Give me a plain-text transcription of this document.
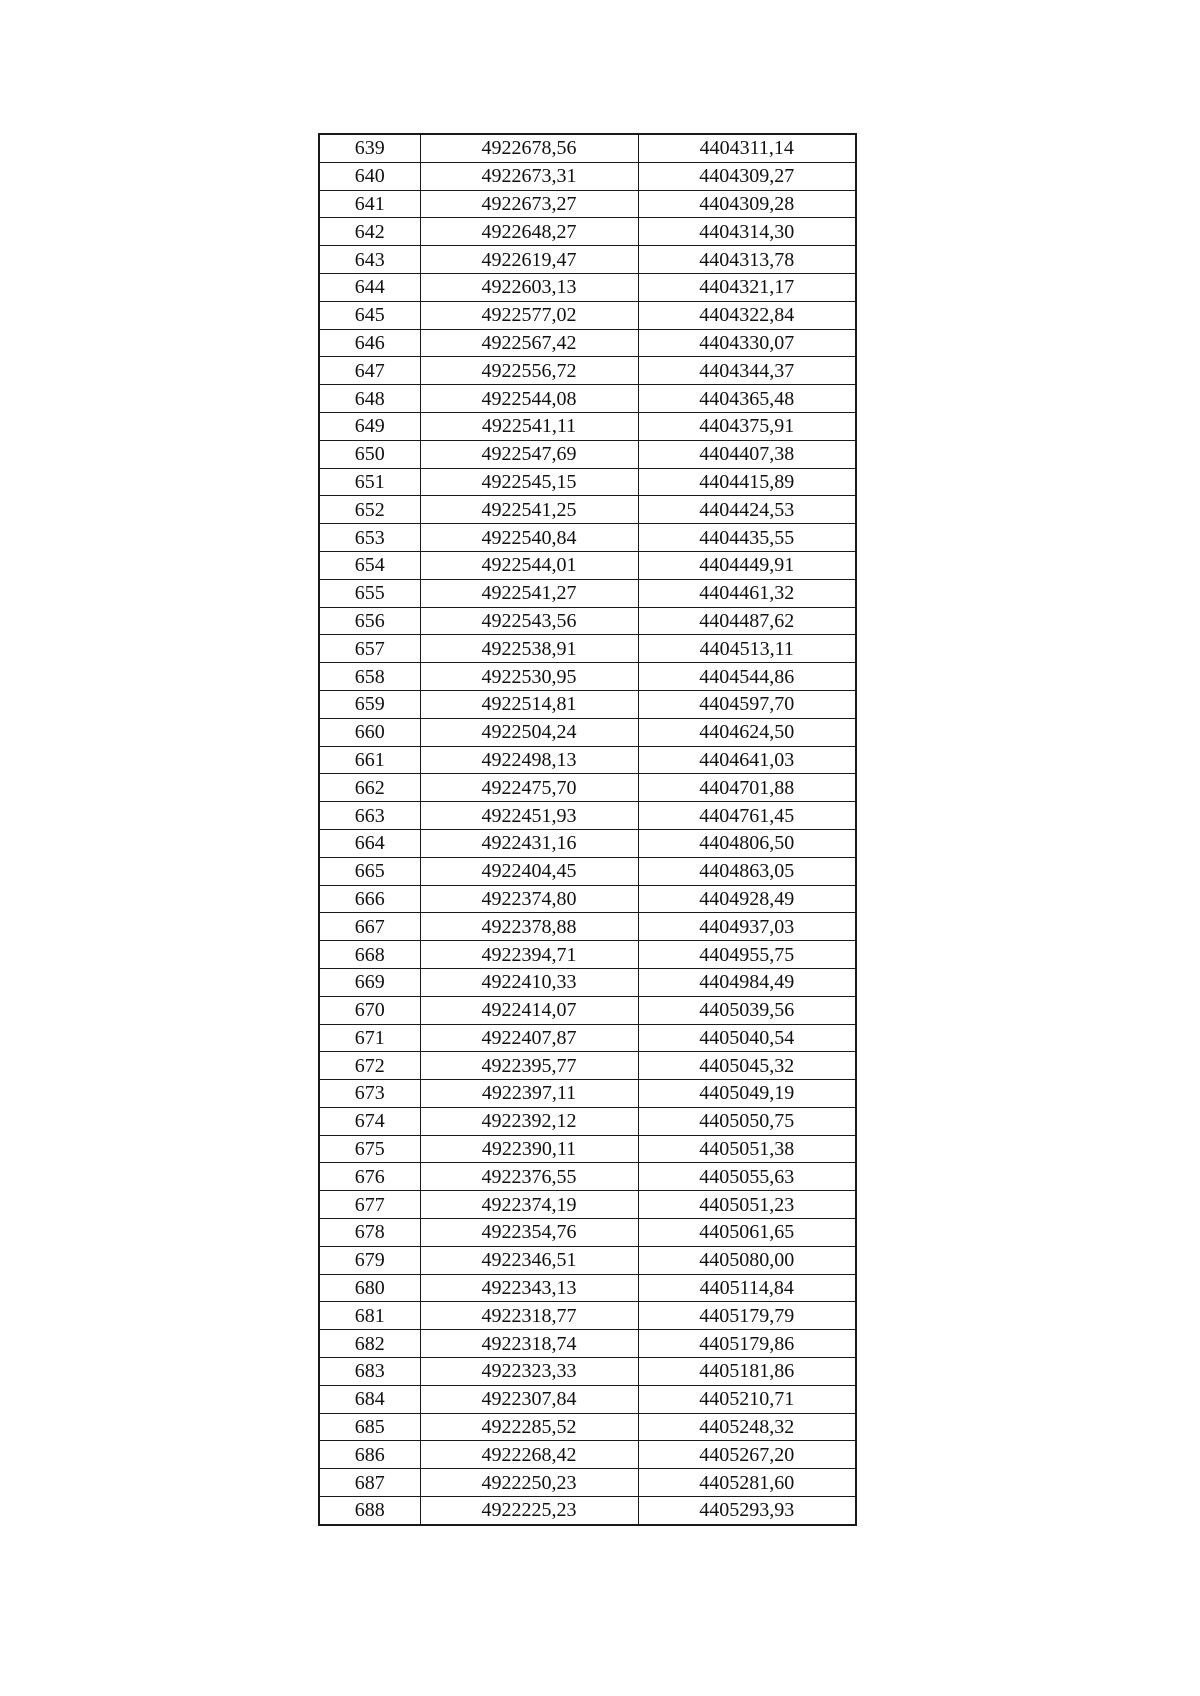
639	4922678,56	4404311,14
640	4922673,31	4404309,27
641	4922673,27	4404309,28
642	4922648,27	4404314,30
643	4922619,47	4404313,78
644	4922603,13	4404321,17
645	4922577,02	4404322,84
646	4922567,42	4404330,07
647	4922556,72	4404344,37
648	4922544,08	4404365,48
649	4922541,11	4404375,91
650	4922547,69	4404407,38
651	4922545,15	4404415,89
652	4922541,25	4404424,53
653	4922540,84	4404435,55
654	4922544,01	4404449,91
655	4922541,27	4404461,32
656	4922543,56	4404487,62
657	4922538,91	4404513,11
658	4922530,95	4404544,86
659	4922514,81	4404597,70
660	4922504,24	4404624,50
661	4922498,13	4404641,03
662	4922475,70	4404701,88
663	4922451,93	4404761,45
664	4922431,16	4404806,50
665	4922404,45	4404863,05
666	4922374,80	4404928,49
667	4922378,88	4404937,03
668	4922394,71	4404955,75
669	4922410,33	4404984,49
670	4922414,07	4405039,56
671	4922407,87	4405040,54
672	4922395,77	4405045,32
673	4922397,11	4405049,19
674	4922392,12	4405050,75
675	4922390,11	4405051,38
676	4922376,55	4405055,63
677	4922374,19	4405051,23
678	4922354,76	4405061,65
679	4922346,51	4405080,00
680	4922343,13	4405114,84
681	4922318,77	4405179,79
682	4922318,74	4405179,86
683	4922323,33	4405181,86
684	4922307,84	4405210,71
685	4922285,52	4405248,32
686	4922268,42	4405267,20
687	4922250,23	4405281,60
688	4922225,23	4405293,93
